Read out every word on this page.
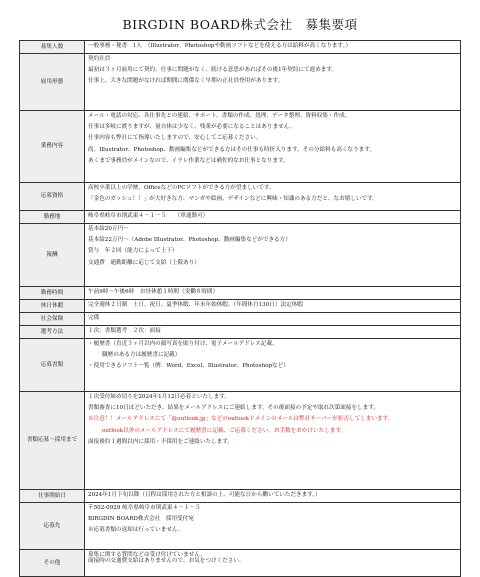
BIRGDIN BOARD株式会社　募集要項
募集人数	一般事務・秘書　1人　（Illustrator、Photoshopや動画ソフトなどを使える方は給料が高くなります。）

雇用形態	契約社員
最初は３ヶ月雇用にて契約、仕事に問題がなく、続ける意思があればその後1年契約にて進めます。
仕事上、大きな問題がなければ期間に関係なく早期の正社員登用があります。

業務内容	メール・電話の対応、各仕事先との連絡、サポート、書類の作成、処理、データ整理、資料収集・作成、
仕事は多岐に渡りますが、量自体は少なく、残業が必要になることはありません。
仕事内容も弊社にて指導いたしますので、安心してご応募ください。
尚、Illustrator、Photoshop、動画編集などができる方はその仕事も時折入ります。その分給料も高くなります。
あくまで事務員がメインなので、イラレ作業などは補佐的なお仕事となります。

応募資格	高校卒業以上の学歴、OfficeなどのPCソフトができる方が望ましいです。
「金色のガッシュ！！」が大好きな方、マンガや絵画、デザインなどに興味・知識のある方だと、なお嬉しいです。

勤務地	岐阜県岐阜市則武東４－１－５　　（車通勤可）

報酬	基本給20万円～
基本給22万円～（Adobe Illustrator、Photoshop、動画編集などができる方）
賞与　年２回（能力によって上下）
交通費　通勤距離に応じて支給（上限あり）

勤務時間	午前9時～午後6時　お昼休憩１時間（実働８時間）

休日休暇	完全週休２日制　土日、祝日、夏季休暇、年末年始休暇、（年間休日130日）法定休暇

社会保険	完備

選考方法	１次：書類選考　２次：面接

応募書類	・履歴書（直近３ヶ月以内の顔写真を貼り付け、電子メールアドレス記載、
職歴のある方は履歴書に記載）
・使用できるソフト一覧（例：Word、Excel、Illustrator、Photoshopなど）

書類応募～採用まで	１次受付締め切りを2024年1月12日必着といたします。
書類審査に10日ほどいただき、結果をメールアドレスにご連絡します。その後面接の予定や取れ次第面接をします。
※注意！！メールアドレスにて「@outlook.jp」などのoutlookドメインのメールは弊社サーバーが拒否してしまいます。
outlook以外のメールアドレスにて履歴書に記載、ご応募ください。お手数をおかけいたします。
面接後約１週間以内に採用・不採用をご連絡いたします。

仕事開始日	2024年1月下旬以降（日程は採用された方と相談の上、可能な日から働いていただきます。）

応募先	〒502-0929 岐阜県岐阜市則武東４－１－５
BIRGDIN BOARD株式会社　採用受付宛
※応募書類の返却は行っていません。

その他	募集に関する質問などは受け付けていません。
面接時の交通費支給はありませんので、お気をつけください。
